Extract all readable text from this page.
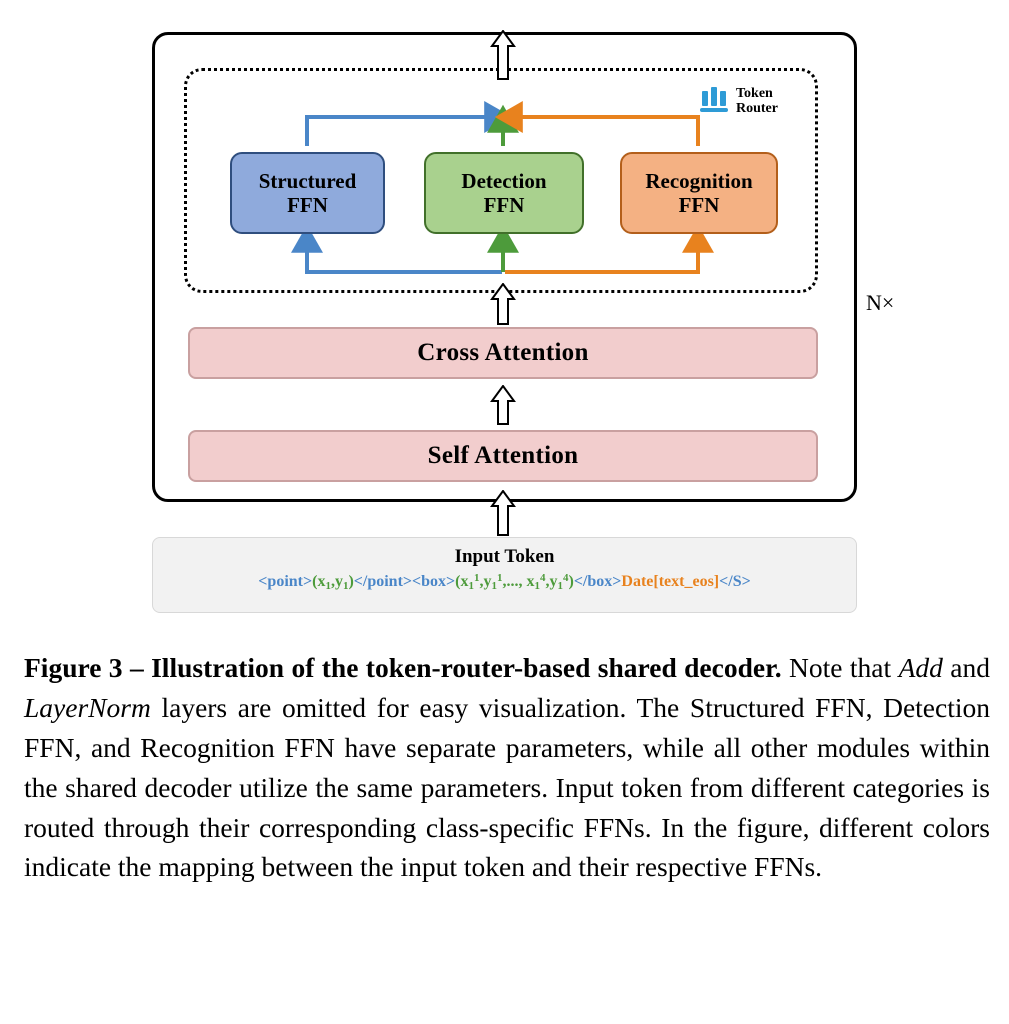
Structured
FFN
Detection
FFN
Recognition
FFN
Cross Attention
Self Attention
N×
Token
Router
Input Token
$<point>(x1,y1)</point><box>(x1^1,y1^1$,..., $x1^4,y1^4)</box>Date[text\_eos]</S>$
Figure 3 – Illustration of the token-router-based shared decoder. Note that Add and LayerNorm layers are omitted for easy visualization. The Structured FFN, Detection FFN, and Recognition FFN have separate parameters, while all other modules within the shared decoder utilize the same parameters. Input token from different categories is routed through their corresponding class-specific FFNs. In the figure, different colors indicate the mapping between the input token and their respective FFNs.
